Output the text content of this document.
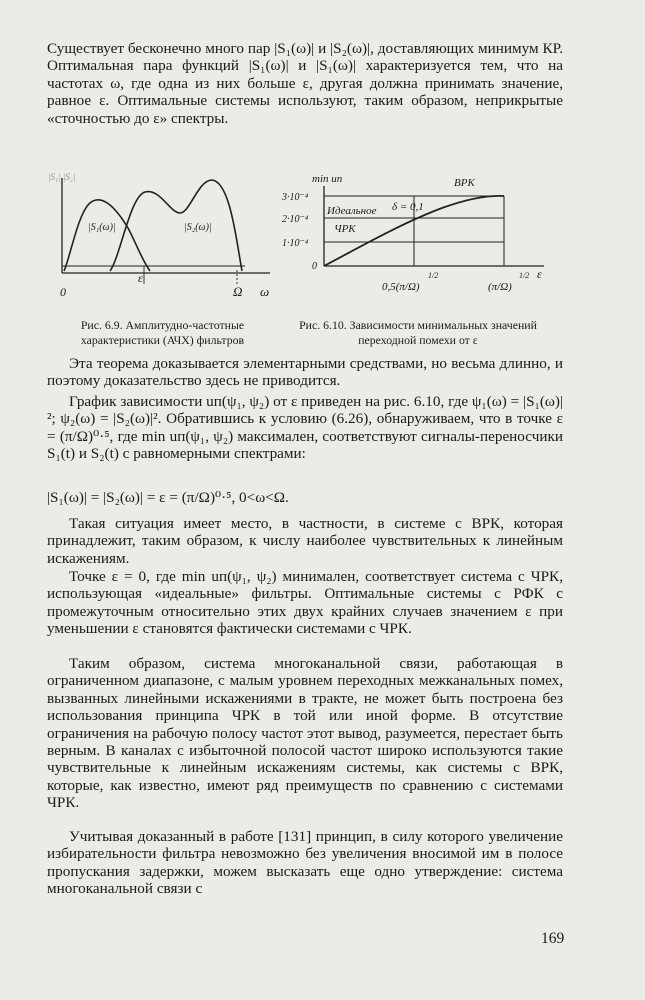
Существует бесконечно много пар |S₁(ω)| и |S₂(ω)|, доставляющих минимум КР. Оптимальная пара функций |S₁(ω)| и |S₁(ω)| характеризуется тем, что на частотах ω, где одна из них больше ε, другая должна принимать значение, равное ε. Оптимальные системы используют, таким образом, неприкрытые «сточностью до ε» спектры.

|S₁|,|S₂|
|S₁(ω)|	|S₂(ω)|
ε
0	Ω ω
min uп
3·10⁻⁴
2·10⁻⁴
1·10⁻⁴
0
ВРК
Идеальное δ = 0,1
ЧРК
0,5(π/Ω)
1/2
(π/Ω)
1/2 ε
Рис. 6.9. Амплитудно-частотные характеристики (АЧХ) фильтров
Рис. 6.10. Зависимости минимальных значений переходной помехи от ε

Эта теорема доказывается элементарными средствами, но весьма длинно, и поэтому доказательство здесь не приводится.

График зависимости uп(ψ₁, ψ₂) от ε приведен на рис. 6.10, где ψ₁(ω) = |S₁(ω)|²; ψ₂(ω) = |S₂(ω)|². Обратившись к условию (6.26), обнаруживаем, что в точке ε = (π/Ω)⁰·⁵, где min uп(ψ₁, ψ₂) максимален, соответствуют сигналы-переносчики S₁(t) и S₂(t) с равномерными спектрами:

|S₁(ω)| = |S₂(ω)| = ε = (π/Ω)⁰·⁵, 0<ω<Ω.

Такая ситуация имеет место, в частности, в системе с ВРК, которая принадлежит, таким образом, к числу наиболее чувствительных к линейным искажениям.

Точке ε = 0, где min uп(ψ₁, ψ₂) минимален, соответствует система с ЧРК, использующая «идеальные» фильтры. Оптимальные системы с РФК с промежуточным относительно этих двух крайних случаев значением ε при уменьшении ε становятся фактически системами с ЧРК.

Таким образом, система многоканальной связи, работающая в ограниченном диапазоне, с малым уровнем переходных межканальных помех, вызванных линейными искажениями в тракте, не может быть построена без использования принципа ЧРК в той или иной форме. В отсутствие ограничения на рабочую полосу частот этот вывод, разумеется, перестает быть верным. В каналах с избыточной полосой частот широко используются такие чувствительные к линейным искажениям системы, как системы с ВРК, которые, как известно, имеют ряд преимуществ по сравнению с системами ЧРК.

Учитывая доказанный в работе [131] принцип, в силу которого увеличение избирательности фильтра невозможно без увеличения вносимой им в полосе пропускания задержки, можем высказать еще одно утверждение: система многоканальной связи с

169
